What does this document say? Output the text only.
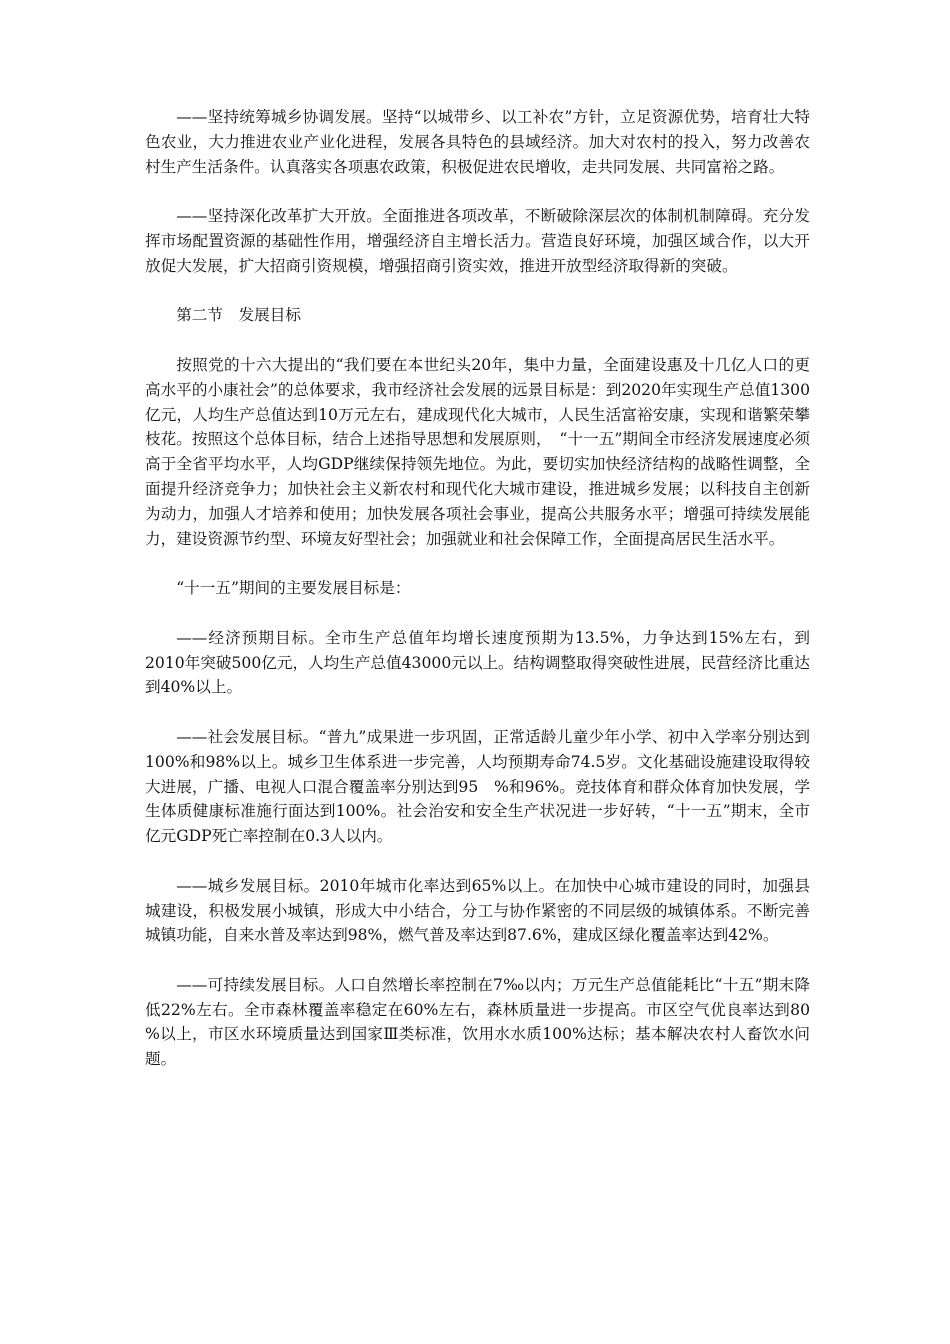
——坚持统筹城乡协调发展。坚持“以城带乡、以工补农”方针，立足资源优势，培育壮大特色农业，大力推进农业产业化进程，发展各具特色的县域经济。加大对农村的投入，努力改善农村生产生活条件。认真落实各项惠农政策，积极促进农民增收，走共同发展、共同富裕之路。

——坚持深化改革扩大开放。全面推进各项改革，不断破除深层次的体制机制障碍。充分发挥市场配置资源的基础性作用，增强经济自主增长活力。营造良好环境，加强区域合作，以大开放促大发展，扩大招商引资规模，增强招商引资实效，推进开放型经济取得新的突破。

第二节　发展目标

按照党的十六大提出的“我们要在本世纪头20年，集中力量，全面建设惠及十几亿人口的更高水平的小康社会”的总体要求，我市经济社会发展的远景目标是：到2020年实现生产总值1300亿元，人均生产总值达到10万元左右，建成现代化大城市，人民生活富裕安康，实现和谐繁荣攀枝花。按照这个总体目标，结合上述指导思想和发展原则，　“十一五”期间全市经济发展速度必须高于全省平均水平，人均GDP继续保持领先地位。为此，要切实加快经济结构的战略性调整，全面提升经济竞争力；加快社会主义新农村和现代化大城市建设，推进城乡发展；以科技自主创新为动力，加强人才培养和使用；加快发展各项社会事业，提高公共服务水平；增强可持续发展能力，建设资源节约型、环境友好型社会；加强就业和社会保障工作，全面提高居民生活水平。

“十一五”期间的主要发展目标是：

——经济预期目标。全市生产总值年均增长速度预期为13.5%，力争达到15%左右，到2010年突破500亿元，人均生产总值43000元以上。结构调整取得突破性进展，民营经济比重达到40%以上。

——社会发展目标。“普九”成果进一步巩固，正常适龄儿童少年小学、初中入学率分别达到100%和98%以上。城乡卫生体系进一步完善，人均预期寿命74.5岁。文化基础设施建设取得较大进展，广播、电视人口混合覆盖率分别达到95　%和96%。竞技体育和群众体育加快发展，学生体质健康标准施行面达到100%。社会治安和安全生产状况进一步好转，“十一五”期末，全市亿元GDP死亡率控制在0.3人以内。

——城乡发展目标。2010年城市化率达到65%以上。在加快中心城市建设的同时，加强县城建设，积极发展小城镇，形成大中小结合，分工与协作紧密的不同层级的城镇体系。不断完善城镇功能，自来水普及率达到98%，燃气普及率达到87.6%，建成区绿化覆盖率达到42%。

——可持续发展目标。人口自然增长率控制在7‰以内；万元生产总值能耗比“十五”期末降低22%左右。全市森林覆盖率稳定在60%左右，森林质量进一步提高。市区空气优良率达到80　%以上，市区水环境质量达到国家Ⅲ类标准，饮用水水质100%达标；基本解决农村人畜饮水问题。
